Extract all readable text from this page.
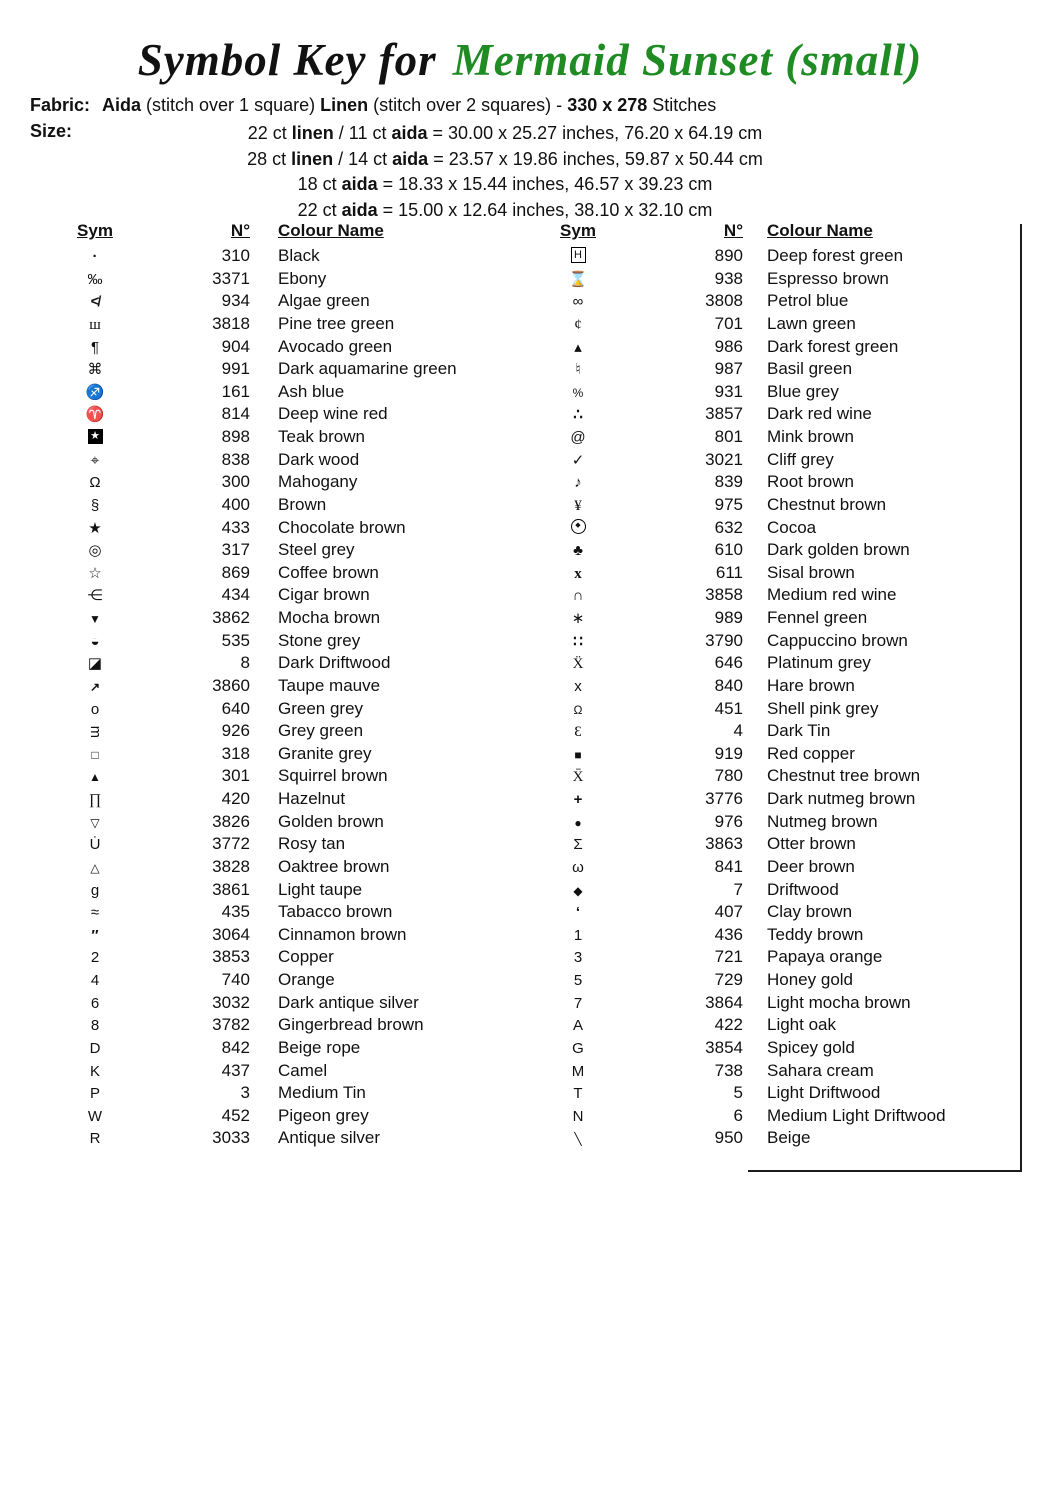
Symbol Key for Mermaid Sunset (small)
Fabric: Aida (stitch over 1 square) Linen (stitch over 2 squares) - 330 x 278 Stitches
Size:	22 ct linen / 11 ct aida = 30.00 x 25.27 inches, 76.20 x 64.19 cm
28 ct linen / 14 ct aida = 23.57 x 19.86 inches, 59.87 x 50.44 cm
18 ct aida = 18.33 x 15.44 inches, 46.57 x 39.23 cm
22 ct aida = 15.00 x 12.64 inches, 38.10 x 32.10 cm
Sym	N°	Colour Name
·	310	Black
‰	3371	Ebony
≮	934	Algae green
ш	3818	Pine tree green
¶	904	Avocado green
⌘	991	Dark aquamarine green
♐	161	Ash blue
♈	814	Deep wine red
★	898	Teak brown
⌖	838	Dark wood
Ω	300	Mahogany
§	400	Brown
★	433	Chocolate brown
◎	317	Steel grey
☆	869	Coffee brown
⋲	434	Cigar brown
▼	3862	Mocha brown
◒	535	Stone grey
◪	8	Dark Driftwood
↗	3860	Taupe mauve
o	640	Green grey
ᴟ	926	Grey green
□	318	Granite grey
▲	301	Squirrel brown
∏	420	Hazelnut
▽	3826	Golden brown
U̇	3772	Rosy tan
△	3828	Oaktree brown
g	3861	Light taupe
≈	435	Tabacco brown
″	3064	Cinnamon brown
2	3853	Copper
4	740	Orange
6	3032	Dark antique silver
8	3782	Gingerbread brown
D	842	Beige rope
K	437	Camel
P	3	Medium Tin
W	452	Pigeon grey
R	3033	Antique silver
Sym	N°	Colour Name
H	890	Deep forest green
⌛	938	Espresso brown
∞	3808	Petrol blue
¢	701	Lawn green
▴	986	Dark forest green
♮	987	Basil green
%	931	Blue grey
∴	3857	Dark red wine
@	801	Mink brown
✓	3021	Cliff grey
♪	839	Root brown
¥	975	Chestnut brown
◆	632	Cocoa
♣	610	Dark golden brown
x	611	Sisal brown
∩	3858	Medium red wine
∗	989	Fennel green
∷	3790	Cappuccino brown
Ẍ	646	Platinum grey
x	840	Hare brown
Ω	451	Shell pink grey
Ɛ	4	Dark Tin
■	919	Red copper
X̄	780	Chestnut tree brown
+	3776	Dark nutmeg brown
●	976	Nutmeg brown
Σ	3863	Otter brown
ω	841	Deer brown
◆	7	Driftwood
‘	407	Clay brown
1	436	Teddy brown
3	721	Papaya orange
5	729	Honey gold
7	3864	Light mocha brown
A	422	Light oak
G	3854	Spicey gold
M	738	Sahara cream
T	5	Light Driftwood
N	6	Medium Light Driftwood
╲	950	Beige
